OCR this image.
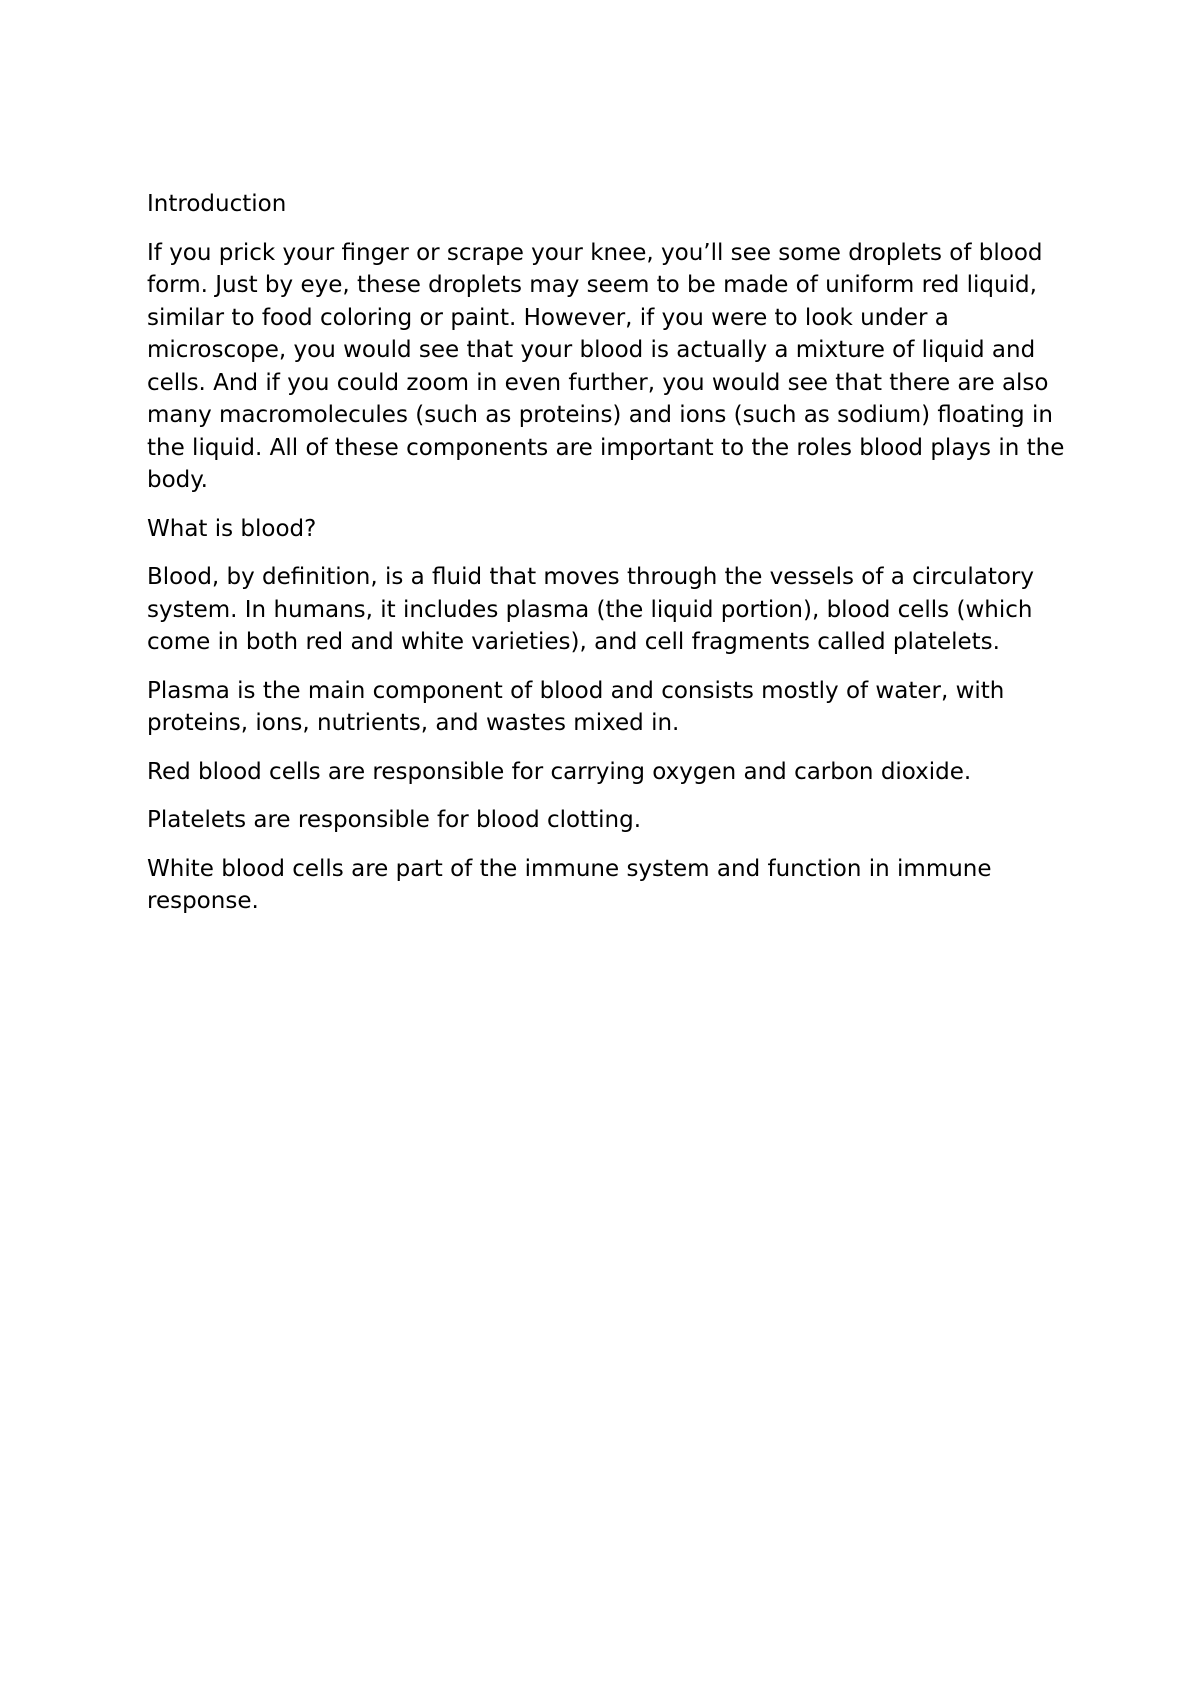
Introduction

If you prick your finger or scrape your knee, you’ll see some droplets of blood form. Just by eye, these droplets may seem to be made of uniform red liquid, similar to food coloring or paint. However, if you were to look under a microscope, you would see that your blood is actually a mixture of liquid and cells. And if you could zoom in even further, you would see that there are also many macromolecules (such as proteins) and ions (such as sodium) floating in the liquid. All of these components are important to the roles blood plays in the body.

What is blood?

Blood, by definition, is a fluid that moves through the vessels of a circulatory system. In humans, it includes plasma (the liquid portion), blood cells (which come in both red and white varieties), and cell fragments called platelets.

Plasma is the main component of blood and consists mostly of water, with proteins, ions, nutrients, and wastes mixed in.

Red blood cells are responsible for carrying oxygen and carbon dioxide.

Platelets are responsible for blood clotting.

White blood cells are part of the immune system and function in immune response.
